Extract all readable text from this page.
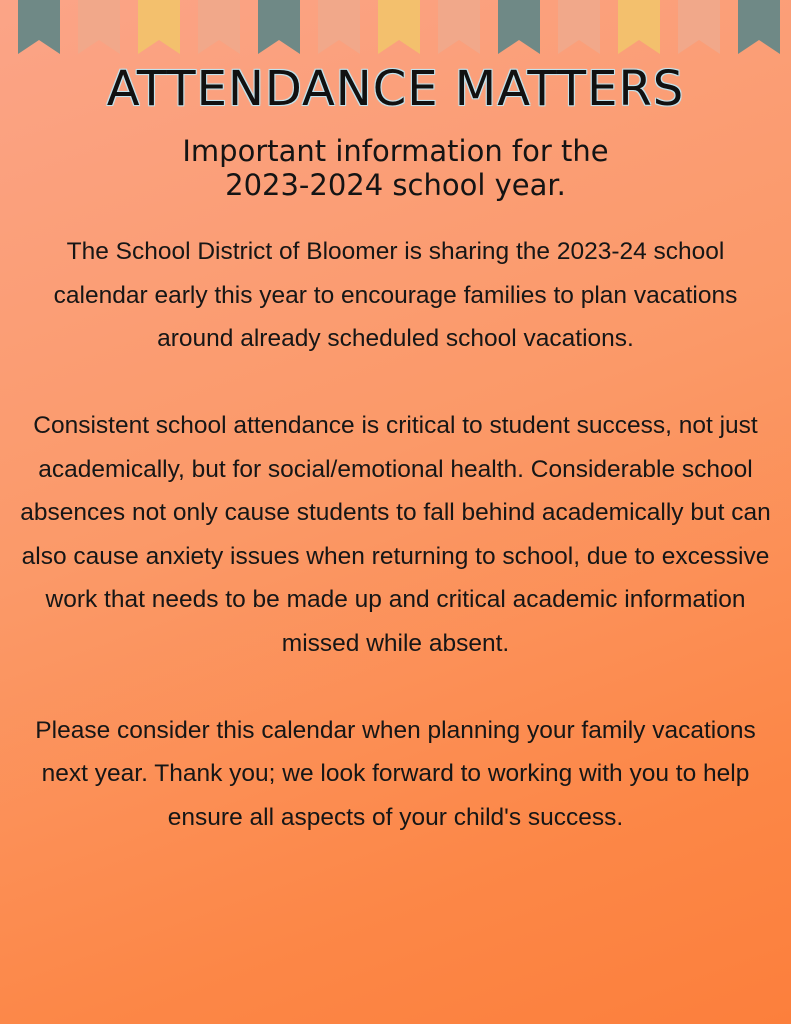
ATTENDANCE MATTERS
Important information for the
2023-2024 school year.

The School District of Bloomer is sharing the 2023-24 school calendar early this year to encourage families to plan vacations around already scheduled school vacations.

Consistent school attendance is critical to student success, not just academically, but for social/emotional health. Considerable school absences not only cause students to fall behind academically but can also cause anxiety issues when returning to school, due to excessive work that needs to be made up and critical academic information missed while absent.

Please consider this calendar when planning your family vacations next year. Thank you; we look forward to working with you to help ensure all aspects of your child's success.
